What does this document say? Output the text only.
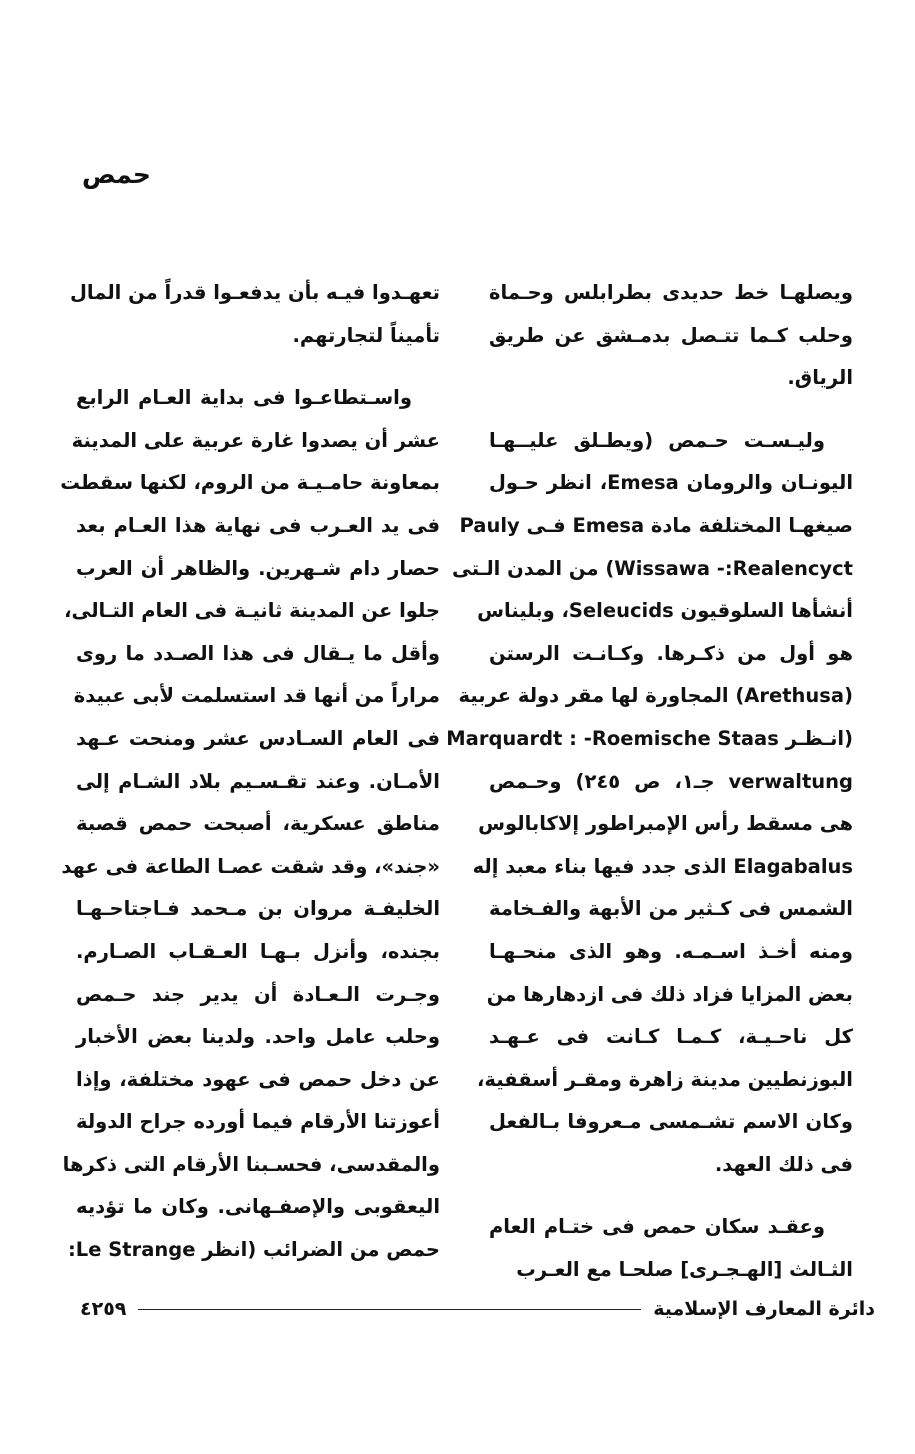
حمص
ويصلهـا خط حديدى بطرابلس وحـماة
وحلب كـما تتـصل بدمـشق عن طريق
الرياق.
وليـسـت حـمص (ويطـلق عليــهـا
اليونـان والرومان Emesa، انظر حـول
صيغهـا المختلفة مادة Emesa فـى Pauly
Wissawa -:Realencyct) من المدن الـتى
أنشأها السلوقيون Seleucids، وبليناس
هو أول من ذكـرها. وكـانـت الرستن
(Arethusa) المجاورة لها مقر دولة عربية
(انـظـر Marquardt : -Roemische Staas
verwaltung جـ١، ص ٢٤٥) وحـمص
هى مسقط رأس الإمبراطور إلاكابالوس
Elagabalus الذى جدد فيها بناء معبد إله
الشمس فى كـثير من الأبهة والفـخامة
ومنه أخـذ اسـمـه. وهو الذى منحـهـا
بعض المزايا فزاد ذلك فى ازدهارها من
كل ناحـيـة، كـمـا كـانت فى عـهـد
البوزنطيين مدينة زاهرة ومقـر أسقفية،
وكان الاسم تشـمسى مـعروفا بـالفعل
فى ذلك العهد.
وعقـد سكان حمص فى ختـام العام
الثـالث [الهـجـرى] صلحـا مع العـرب
تعهـدوا فيـه بأن يدفعـوا قدراً من المال
تأميناً لتجارتهم.
واسـتطاعـوا فى بداية العـام الرابع
عشر أن يصدوا غارة عربية على المدينة
بمعاونة حامـيـة من الروم، لكنها سقطت
فى يد العـرب فى نهاية هذا العـام بعد
حصار دام شـهرين. والظاهر أن العرب
جلوا عن المدينة ثانيـة فى العام التـالى،
وأقل ما يـقال فى هذا الصـدد ما روى
مراراً من أنها قد استسلمت لأبى عبيدة
فى العام السـادس عشر ومنحت عـهد
الأمـان. وعند تقـسـيم بلاد الشـام إلى
مناطق عسكرية، أصبحت حمص قصبة
«جند»، وقد شقت عصـا الطاعة فى عهد
الخليفـة مروان بن مـحمد فـاجتاحـهـا
بجنده، وأنزل بـهـا العـقـاب الصـارم.
وجـرت الـعـادة أن يدير جند حـمص
وحلب عامل واحد. ولدينا بعض الأخبار
عن دخل حمص فى عهود مختلفة، وإذا
أعوزتنا الأرقام فيما أورده جراح الدولة
والمقدسى، فحسـبنا الأرقام التى ذكرها
اليعقوبى والإصفـهانى. وكان ما تؤديه
حمص من الضرائب (انظر Le Strange:
دائرة المعارف الإسلامية
٤٢٥٩
